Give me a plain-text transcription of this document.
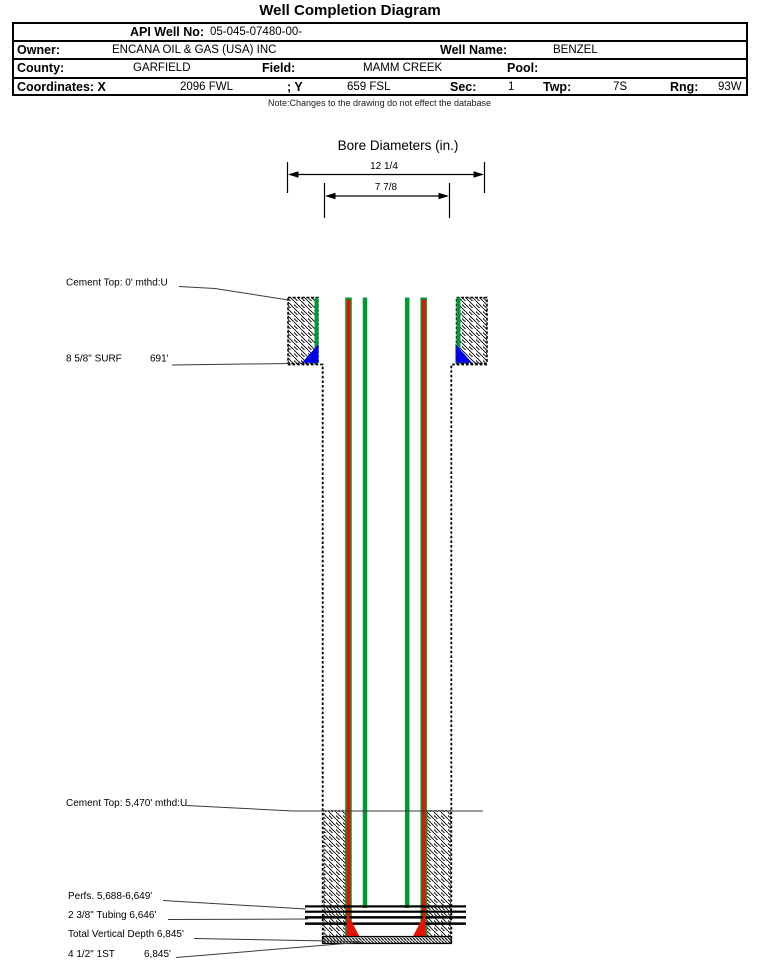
Well Completion Diagram
API Well No: 05-045-07480-00-
Owner:	ENCANA OIL & GAS (USA) INC	Well Name:	BENZEL
County:	GARFIELD	Field:	MAMM CREEK	Pool:
Coordinates: X	2096 FWL	; Y	659 FSL	Sec:	1 Twp:	7S	Rng: 93W
Note:Changes to the drawing do not effect the database
Bore Diameters (in.)
12 1/4
7 7/8
Cement Top: 0' mthd:U
8 5/8" SURF	691'
Cement Top: 5,470' mthd:U
Perfs. 5,688-6,649'
2 3/8" Tubing 6,646'
Total Vertical Depth 6,845'
4 1/2" 1ST	6,845'
